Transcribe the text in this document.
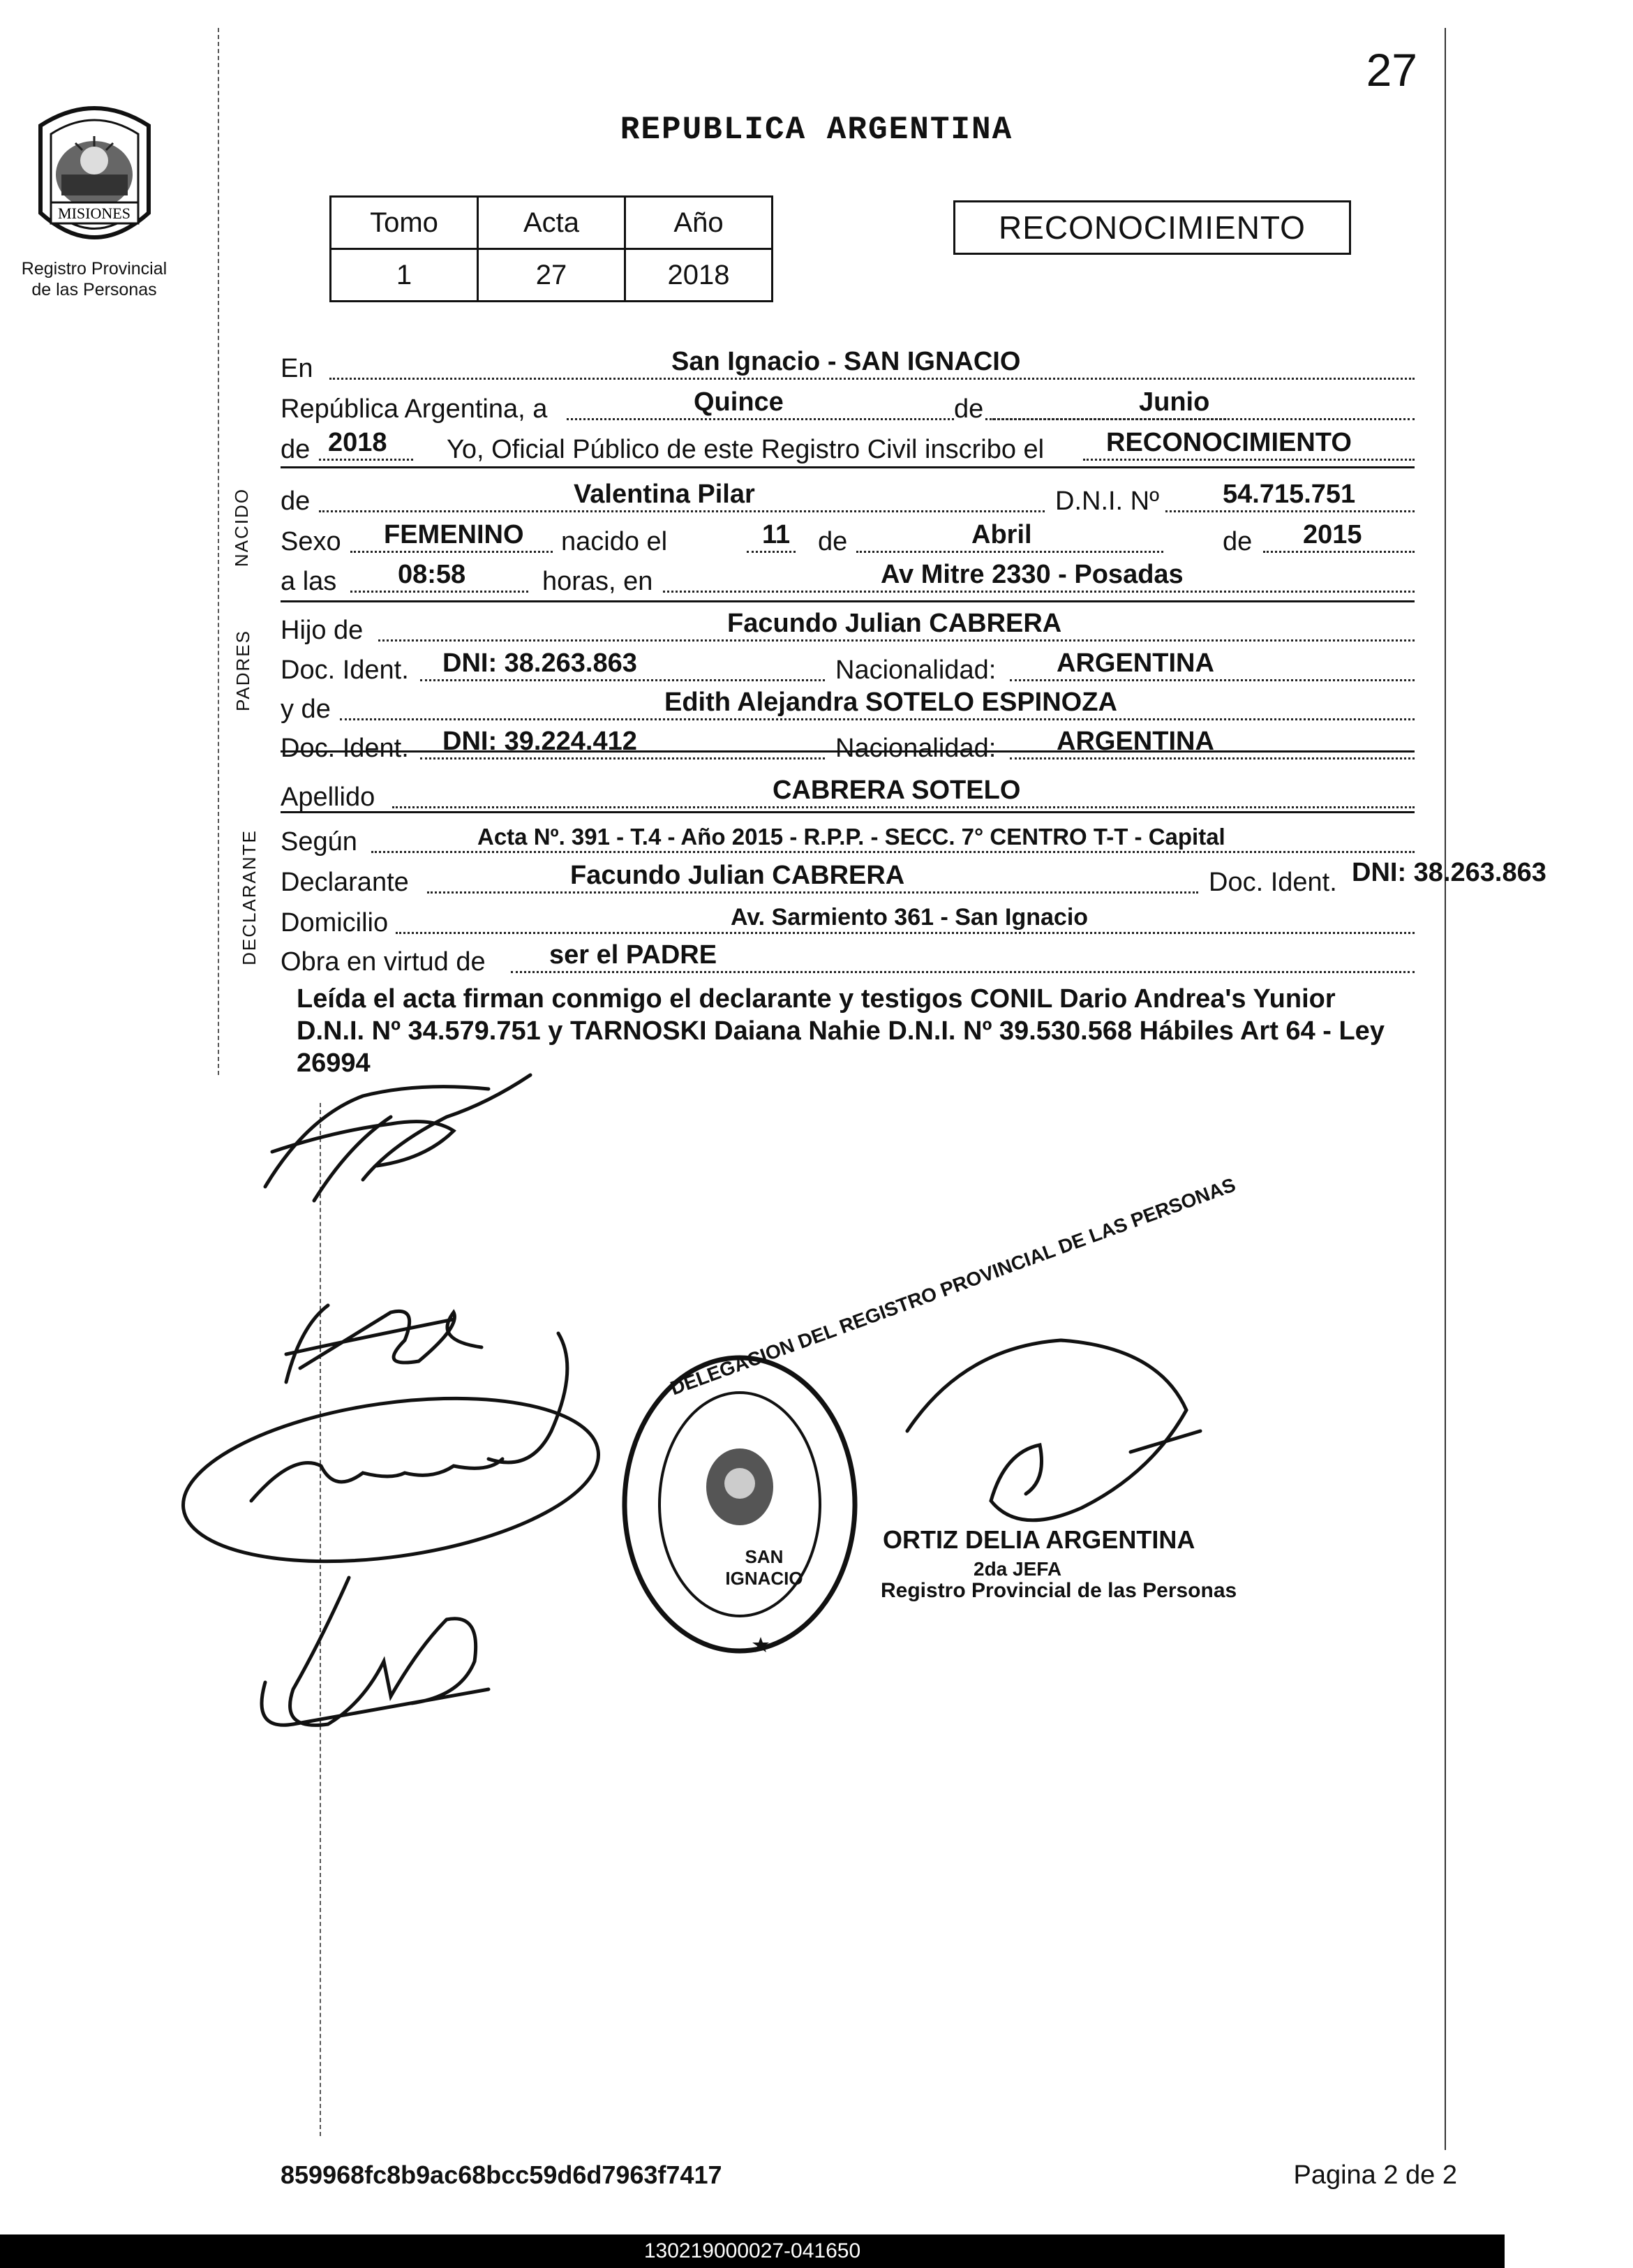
27
REPUBLICA ARGENTINA
MISIONES
Registro Provincial
de las Personas
Tomo	Acta	Año
1	27	2018
RECONOCIMIENTO
NACIDO
PADRES
DECLARANTE
En	San Ignacio - SAN IGNACIO
República Argentina, a	Quince	de	Junio
de 2018 Yo, Oficial Público de este Registro Civil inscribo el RECONOCIMIENTO
de	Valentina Pilar	D.N.I. Nº 54.715.751
Sexo FEMENINO nacido el	11 de	Abril	de 2015
a las 08:58	horas, en	Av Mitre 2330 - Posadas
Hijo de	Facundo Julian CABRERA
Doc. Ident. DNI: 38.263.863	Nacionalidad: ARGENTINA
y de	Edith Alejandra SOTELO ESPINOZA
Doc. Ident. DNI: 39.224.412	Nacionalidad: ARGENTINA
Apellido	CABRERA SOTELO
Según	Acta Nº. 391 - T.4 - Año 2015 - R.P.P. - SECC. 7° CENTRO T-T - Capital
Declarante	Facundo Julian CABRERA	Doc. Ident. DNI: 38.263.863
Domicilio	Av. Sarmiento 361 - San Ignacio
Obra en virtud de ser el PADRE
Leída el acta firman conmigo el declarante y testigos CONIL Dario Andrea's Yunior D.N.I. Nº 34.579.751 y TARNOSKI Daiana Nahie D.N.I. Nº 39.530.568 Hábiles Art 64 - Ley 26994
DELEGACION DEL REGISTRO PROVINCIAL DE LAS PERSONAS
SAN IGNACIO
ORTIZ DELIA ARGENTINA
2da JEFA
Registro Provincial de las Personas
859968fc8b9ac68bcc59d6d7963f7417	Pagina 2 de 2
130219000027-041650
